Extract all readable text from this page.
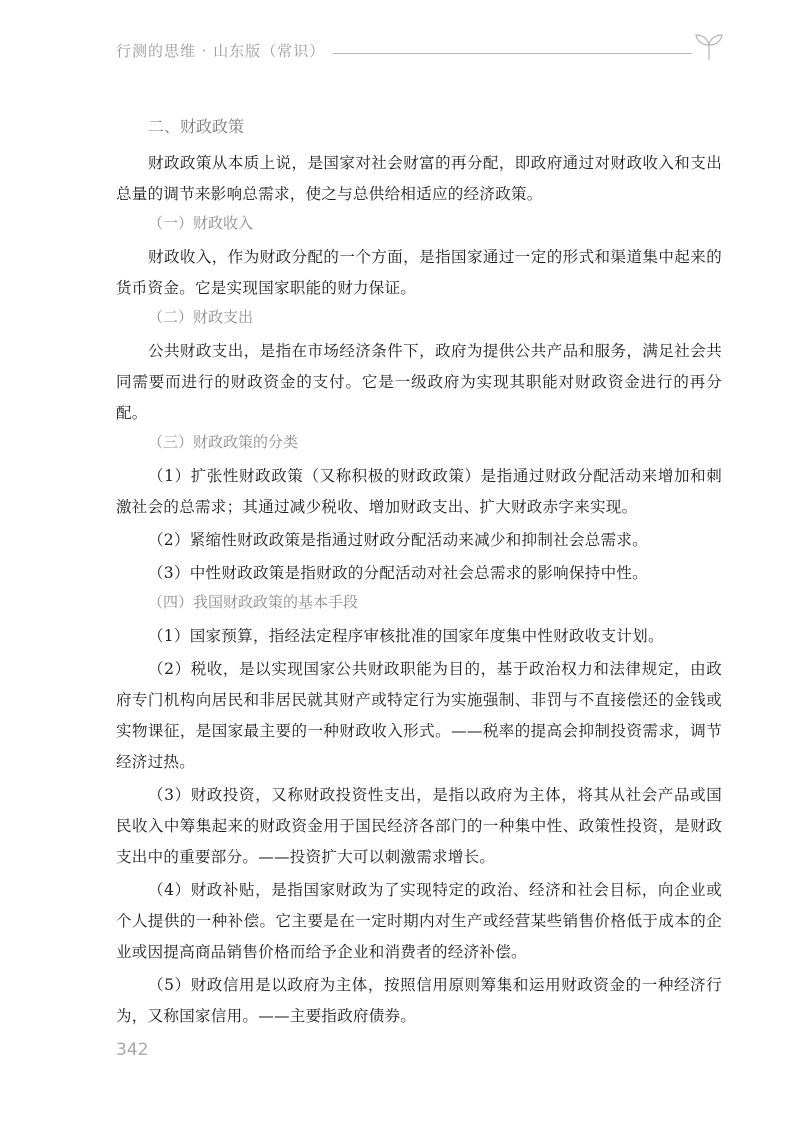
行测的思维 · 山东版（常识）
二、财政政策

财政政策从本质上说，是国家对社会财富的再分配，即政府通过对财政收入和支出总量的调节来影响总需求，使之与总供给相适应的经济政策。

（一）财政收入

财政收入，作为财政分配的一个方面，是指国家通过一定的形式和渠道集中起来的货币资金。它是实现国家职能的财力保证。

（二）财政支出

公共财政支出，是指在市场经济条件下，政府为提供公共产品和服务，满足社会共同需要而进行的财政资金的支付。它是一级政府为实现其职能对财政资金进行的再分配。

（三）财政政策的分类

（1）扩张性财政政策（又称积极的财政政策）是指通过财政分配活动来增加和刺激社会的总需求；其通过减少税收、增加财政支出、扩大财政赤字来实现。

（2）紧缩性财政政策是指通过财政分配活动来减少和抑制社会总需求。

（3）中性财政政策是指财政的分配活动对社会总需求的影响保持中性。

（四）我国财政政策的基本手段

（1）国家预算，指经法定程序审核批准的国家年度集中性财政收支计划。

（2）税收，是以实现国家公共财政职能为目的，基于政治权力和法律规定，由政府专门机构向居民和非居民就其财产或特定行为实施强制、非罚与不直接偿还的金钱或实物课征，是国家最主要的一种财政收入形式。——税率的提高会抑制投资需求，调节经济过热。

（3）财政投资，又称财政投资性支出，是指以政府为主体，将其从社会产品或国民收入中筹集起来的财政资金用于国民经济各部门的一种集中性、政策性投资，是财政支出中的重要部分。——投资扩大可以刺激需求增长。

（4）财政补贴，是指国家财政为了实现特定的政治、经济和社会目标，向企业或个人提供的一种补偿。它主要是在一定时期内对生产或经营某些销售价格低于成本的企业或因提高商品销售价格而给予企业和消费者的经济补偿。

（5）财政信用是以政府为主体，按照信用原则筹集和运用财政资金的一种经济行为，又称国家信用。——主要指政府债券。

342
